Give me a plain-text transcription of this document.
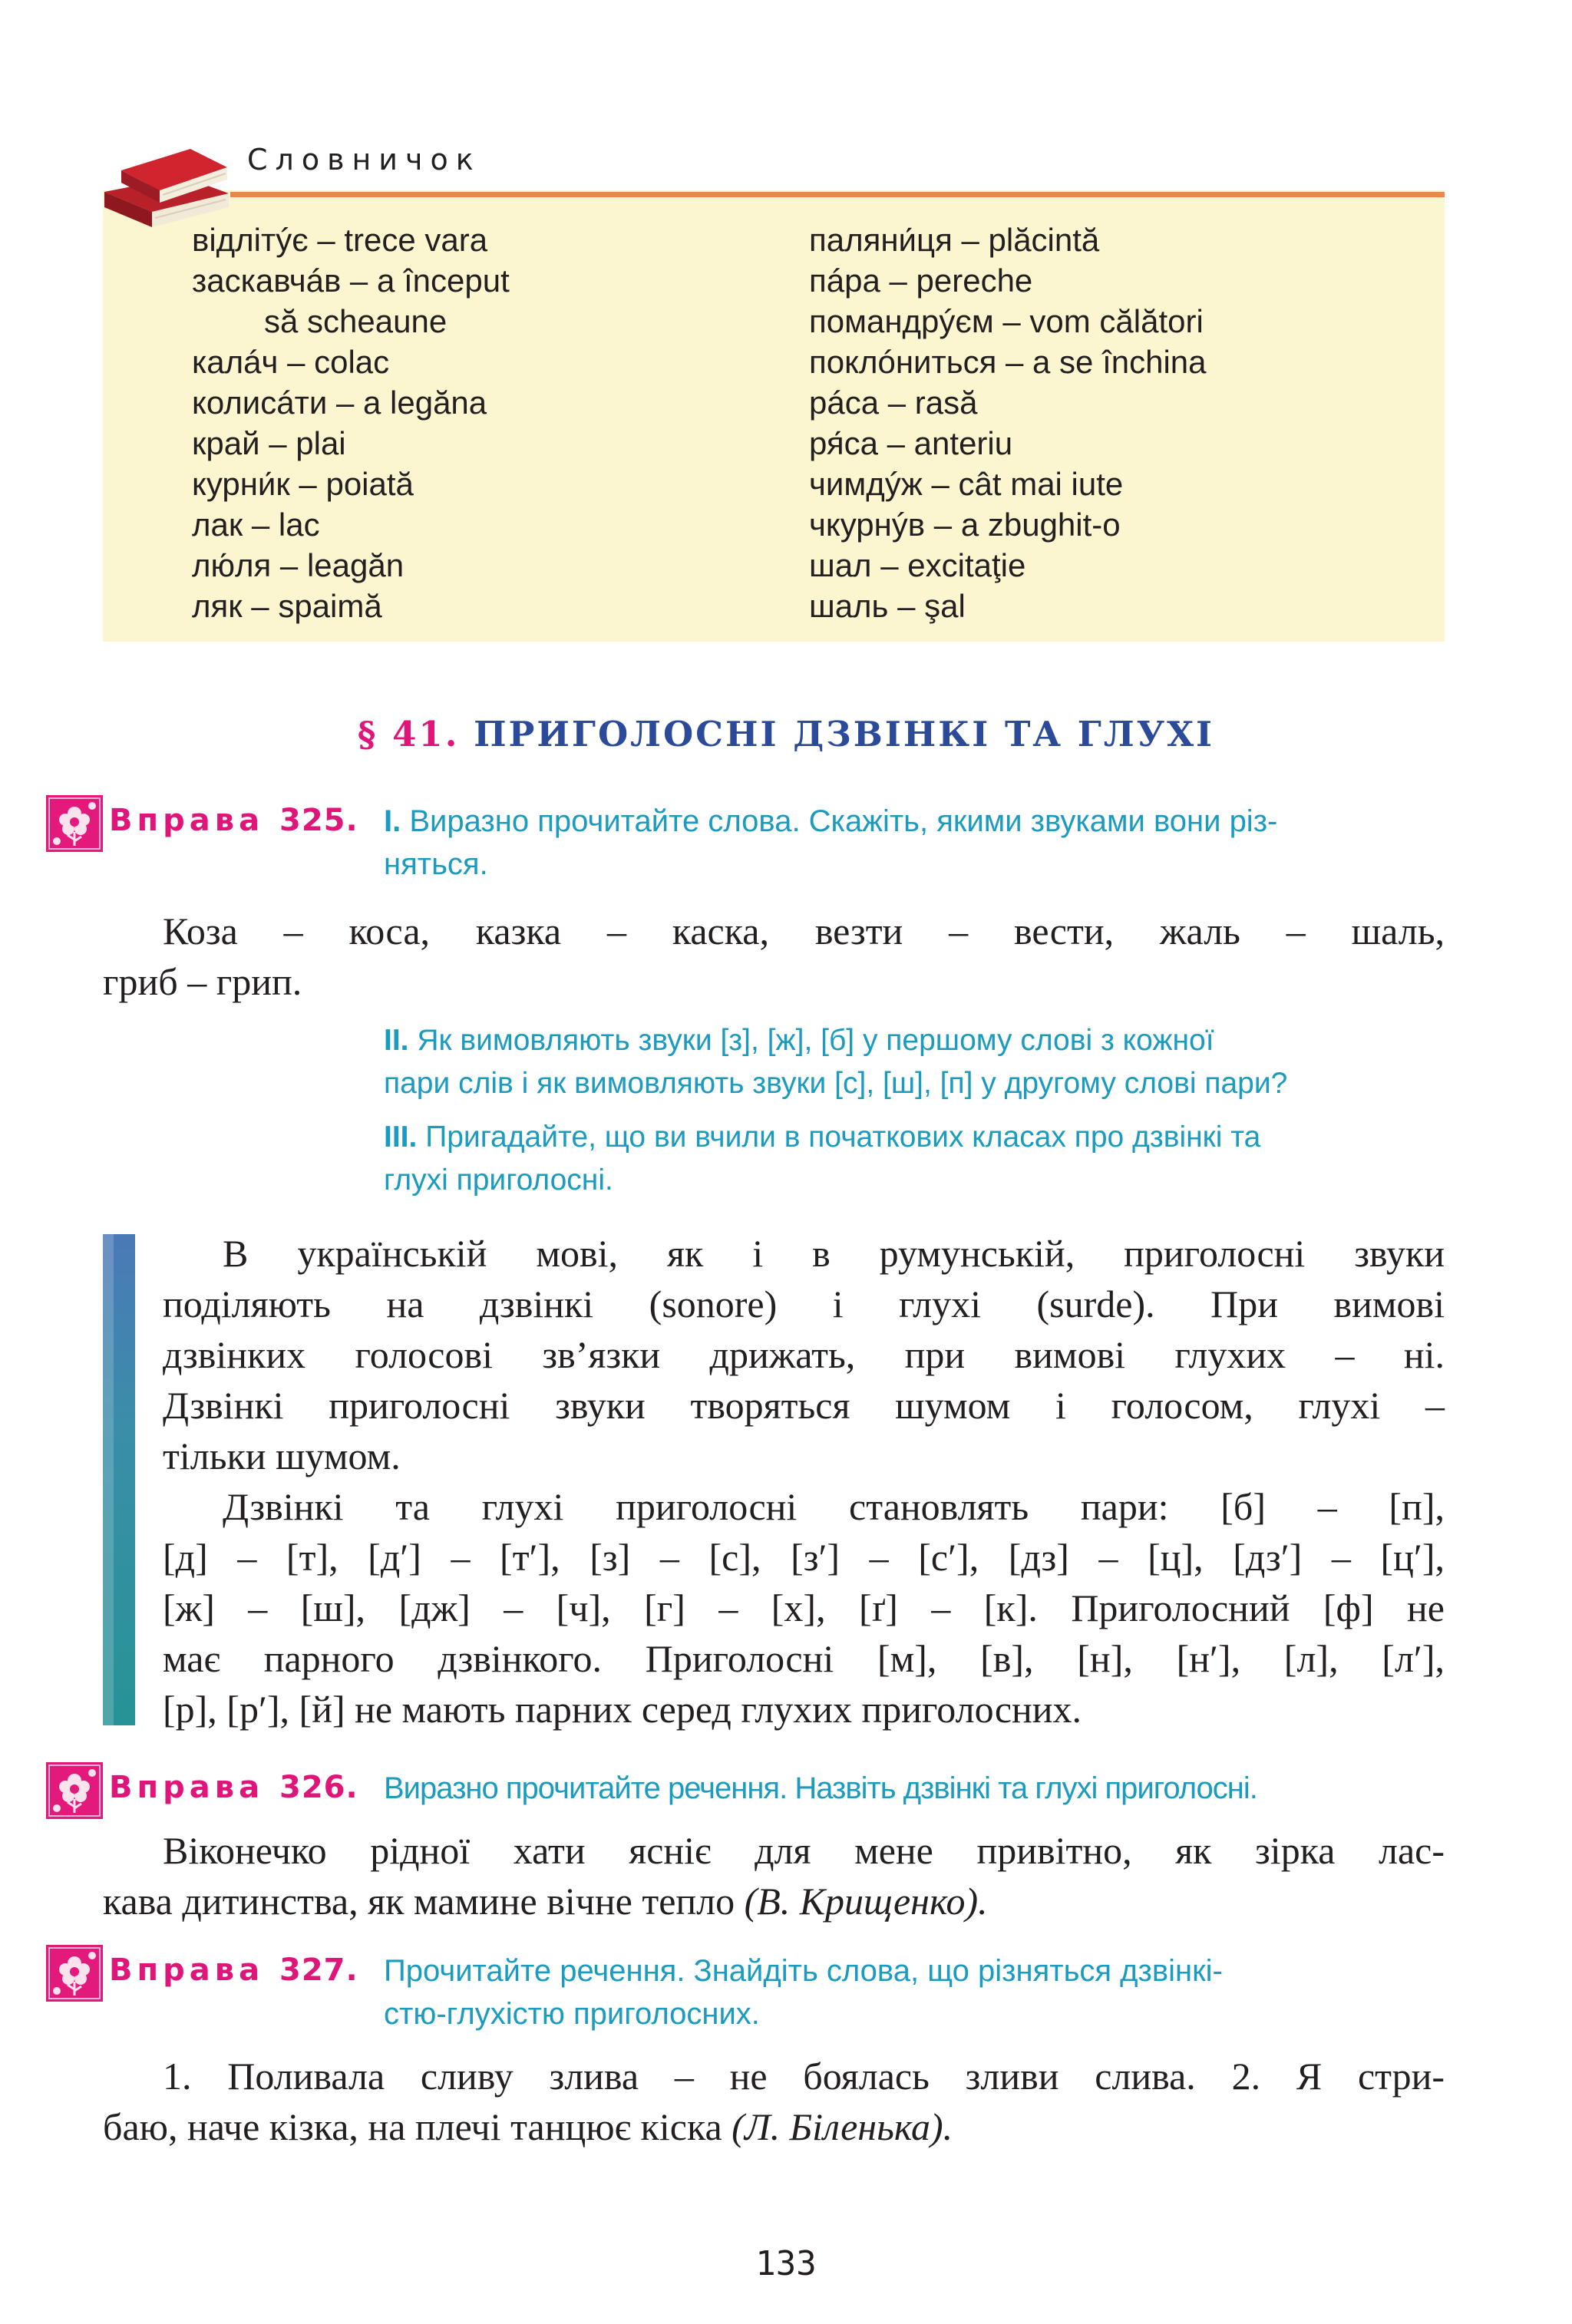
Словничок
відлітýє – trece vara
заскавчáв – a început
să scheaune
калáч – colac
колисáти – a legăna
край – plai
курни́к – poiată
лак – lac
лю́ля – leagăn
ляк – spaimă
паляни́ця – plăcintă
пáра – pereche
помандрýєм – vom călători
поклóниться – a se închina
рáса – rasă
ря́са – anteriu
чимдýж – cât mai iute
чкурнýв – a zbughit-o
шал – excitaţie
шаль – şal
§ 41. ПРИГОЛОСНІ ДЗВІНКІ ТА ГЛУХІ
Вправа 325. I. Виразно прочитайте слова. Скажіть, якими звуками вони різ-
няться.
Коза – коса, казка – каска, везти – вести, жаль – шаль,
гриб – грип.
II. Як вимовляють звуки [з], [ж], [б] у першому слові з кожної
пари слів і як вимовляють звуки [с], [ш], [п] у другому слові пари?
III. Пригадайте, що ви вчили в початкових класах про дзвінкі та
глухі приголосні.
В українській мові, як і в румунській, приголосні звуки
поділяють на дзвінкі (sonore) і глухі (surde). При вимові
дзвінких голосові зв’язки дрижать, при вимові глухих – ні.
Дзвінкі приголосні звуки творяться шумом і голосом, глухі –
тільки шумом.
Дзвінкі та глухі приголосні становлять пари: [б] – [п],
[д] – [т], [д′] – [т′], [з] – [с], [з′] – [с′], [дз] – [ц], [дз′] – [ц′],
[ж] – [ш], [дж] – [ч], [г] – [х], [ґ] – [к]. Приголосний [ф] не
має парного дзвінкого. Приголосні [м], [в], [н], [н′], [л], [л′],
[р], [р′], [й] не мають парних серед глухих приголосних.
Вправа 326. Виразно прочитайте речення. Назвіть дзвінкі та глухі приголосні.
Віконечко рідної хати ясніє для мене привітно, як зірка лас-
кава дитинства, як мамине вічне тепло (В. Крищенко).
Вправа 327. Прочитайте речення. Знайдіть слова, що різняться дзвінкі-
стю-глухістю приголосних.
1. Поливала сливу злива – не боялась зливи слива. 2. Я стри-
баю, наче кізка, на плечі танцює кіска (Л. Біленька).
133
